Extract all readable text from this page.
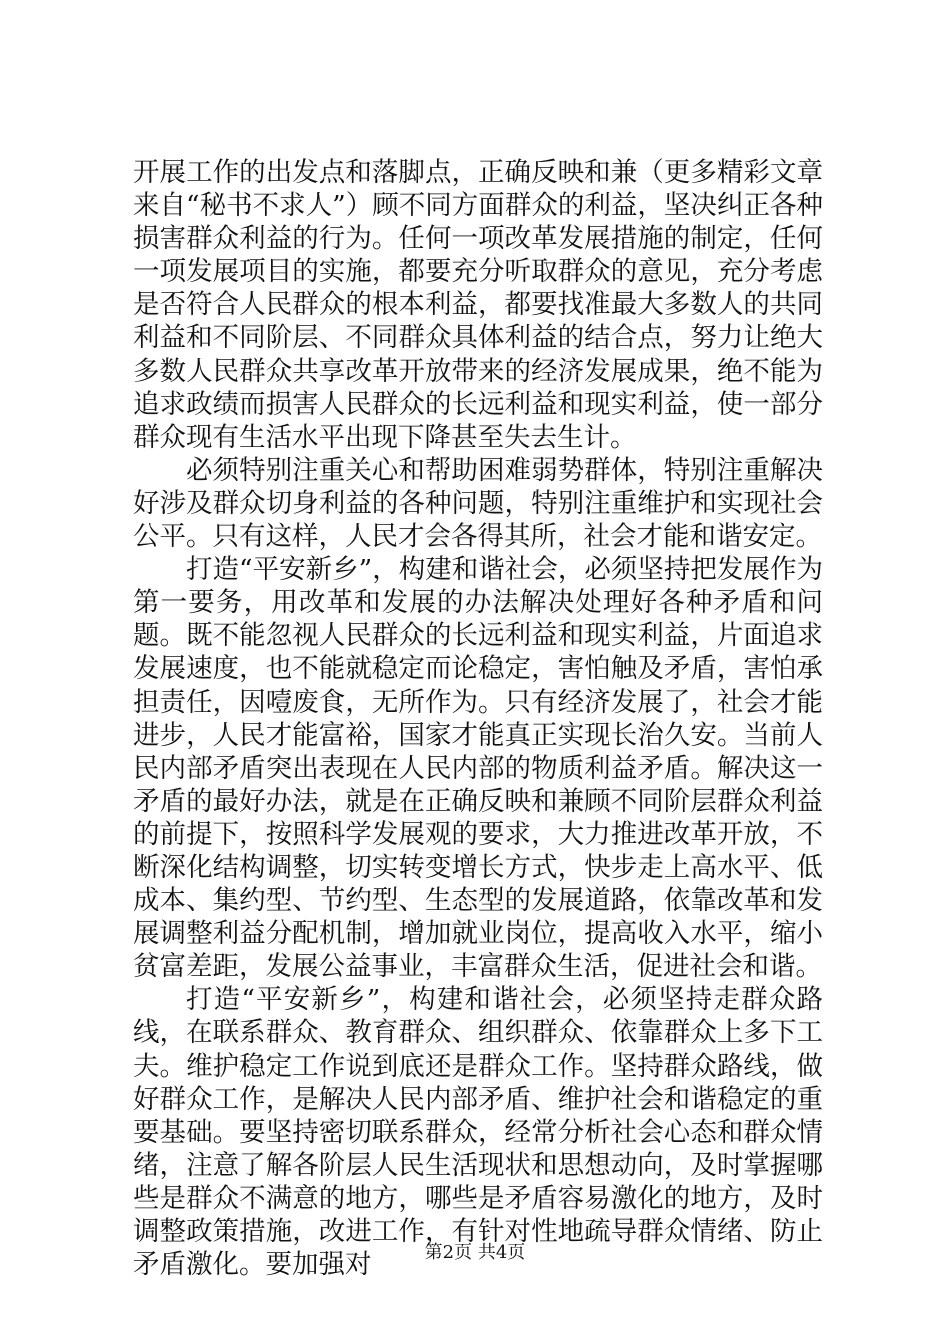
开展工作的出发点和落脚点，正确反映和兼（更多精彩文章来自“秘书不求人”）顾不同方面群众的利益，坚决纠正各种损害群众利益的行为。任何一项改革发展措施的制定，任何一项发展项目的实施，都要充分听取群众的意见，充分考虑是否符合人民群众的根本利益，都要找准最大多数人的共同利益和不同阶层、不同群众具体利益的结合点，努力让绝大多数人民群众共享改革开放带来的经济发展成果，绝不能为追求政绩而损害人民群众的长远利益和现实利益，使一部分群众现有生活水平出现下降甚至失去生计。

必须特别注重关心和帮助困难弱势群体，特别注重解决好涉及群众切身利益的各种问题，特别注重维护和实现社会公平。只有这样，人民才会各得其所，社会才能和谐安定。

打造“平安新乡”，构建和谐社会，必须坚持把发展作为第一要务，用改革和发展的办法解决处理好各种矛盾和问题。既不能忽视人民群众的长远利益和现实利益，片面追求发展速度，也不能就稳定而论稳定，害怕触及矛盾，害怕承担责任，因噎废食，无所作为。只有经济发展了，社会才能进步，人民才能富裕，国家才能真正实现长治久安。当前人民内部矛盾突出表现在人民内部的物质利益矛盾。解决这一矛盾的最好办法，就是在正确反映和兼顾不同阶层群众利益的前提下，按照科学发展观的要求，大力推进改革开放，不断深化结构调整，切实转变增长方式，快步走上高水平、低成本、集约型、节约型、生态型的发展道路，依靠改革和发展调整利益分配机制，增加就业岗位，提高收入水平，缩小贫富差距，发展公益事业，丰富群众生活，促进社会和谐。

打造“平安新乡”，构建和谐社会，必须坚持走群众路线，在联系群众、教育群众、组织群众、依靠群众上多下工夫。维护稳定工作说到底还是群众工作。坚持群众路线，做好群众工作，是解决人民内部矛盾、维护社会和谐稳定的重要基础。要坚持密切联系群众，经常分析社会心态和群众情绪，注意了解各阶层人民生活现状和思想动向，及时掌握哪些是群众不满意的地方，哪些是矛盾容易激化的地方，及时调整政策措施，改进工作，有针对性地疏导群众情绪、防止矛盾激化。要加强对	第2页 共4页
